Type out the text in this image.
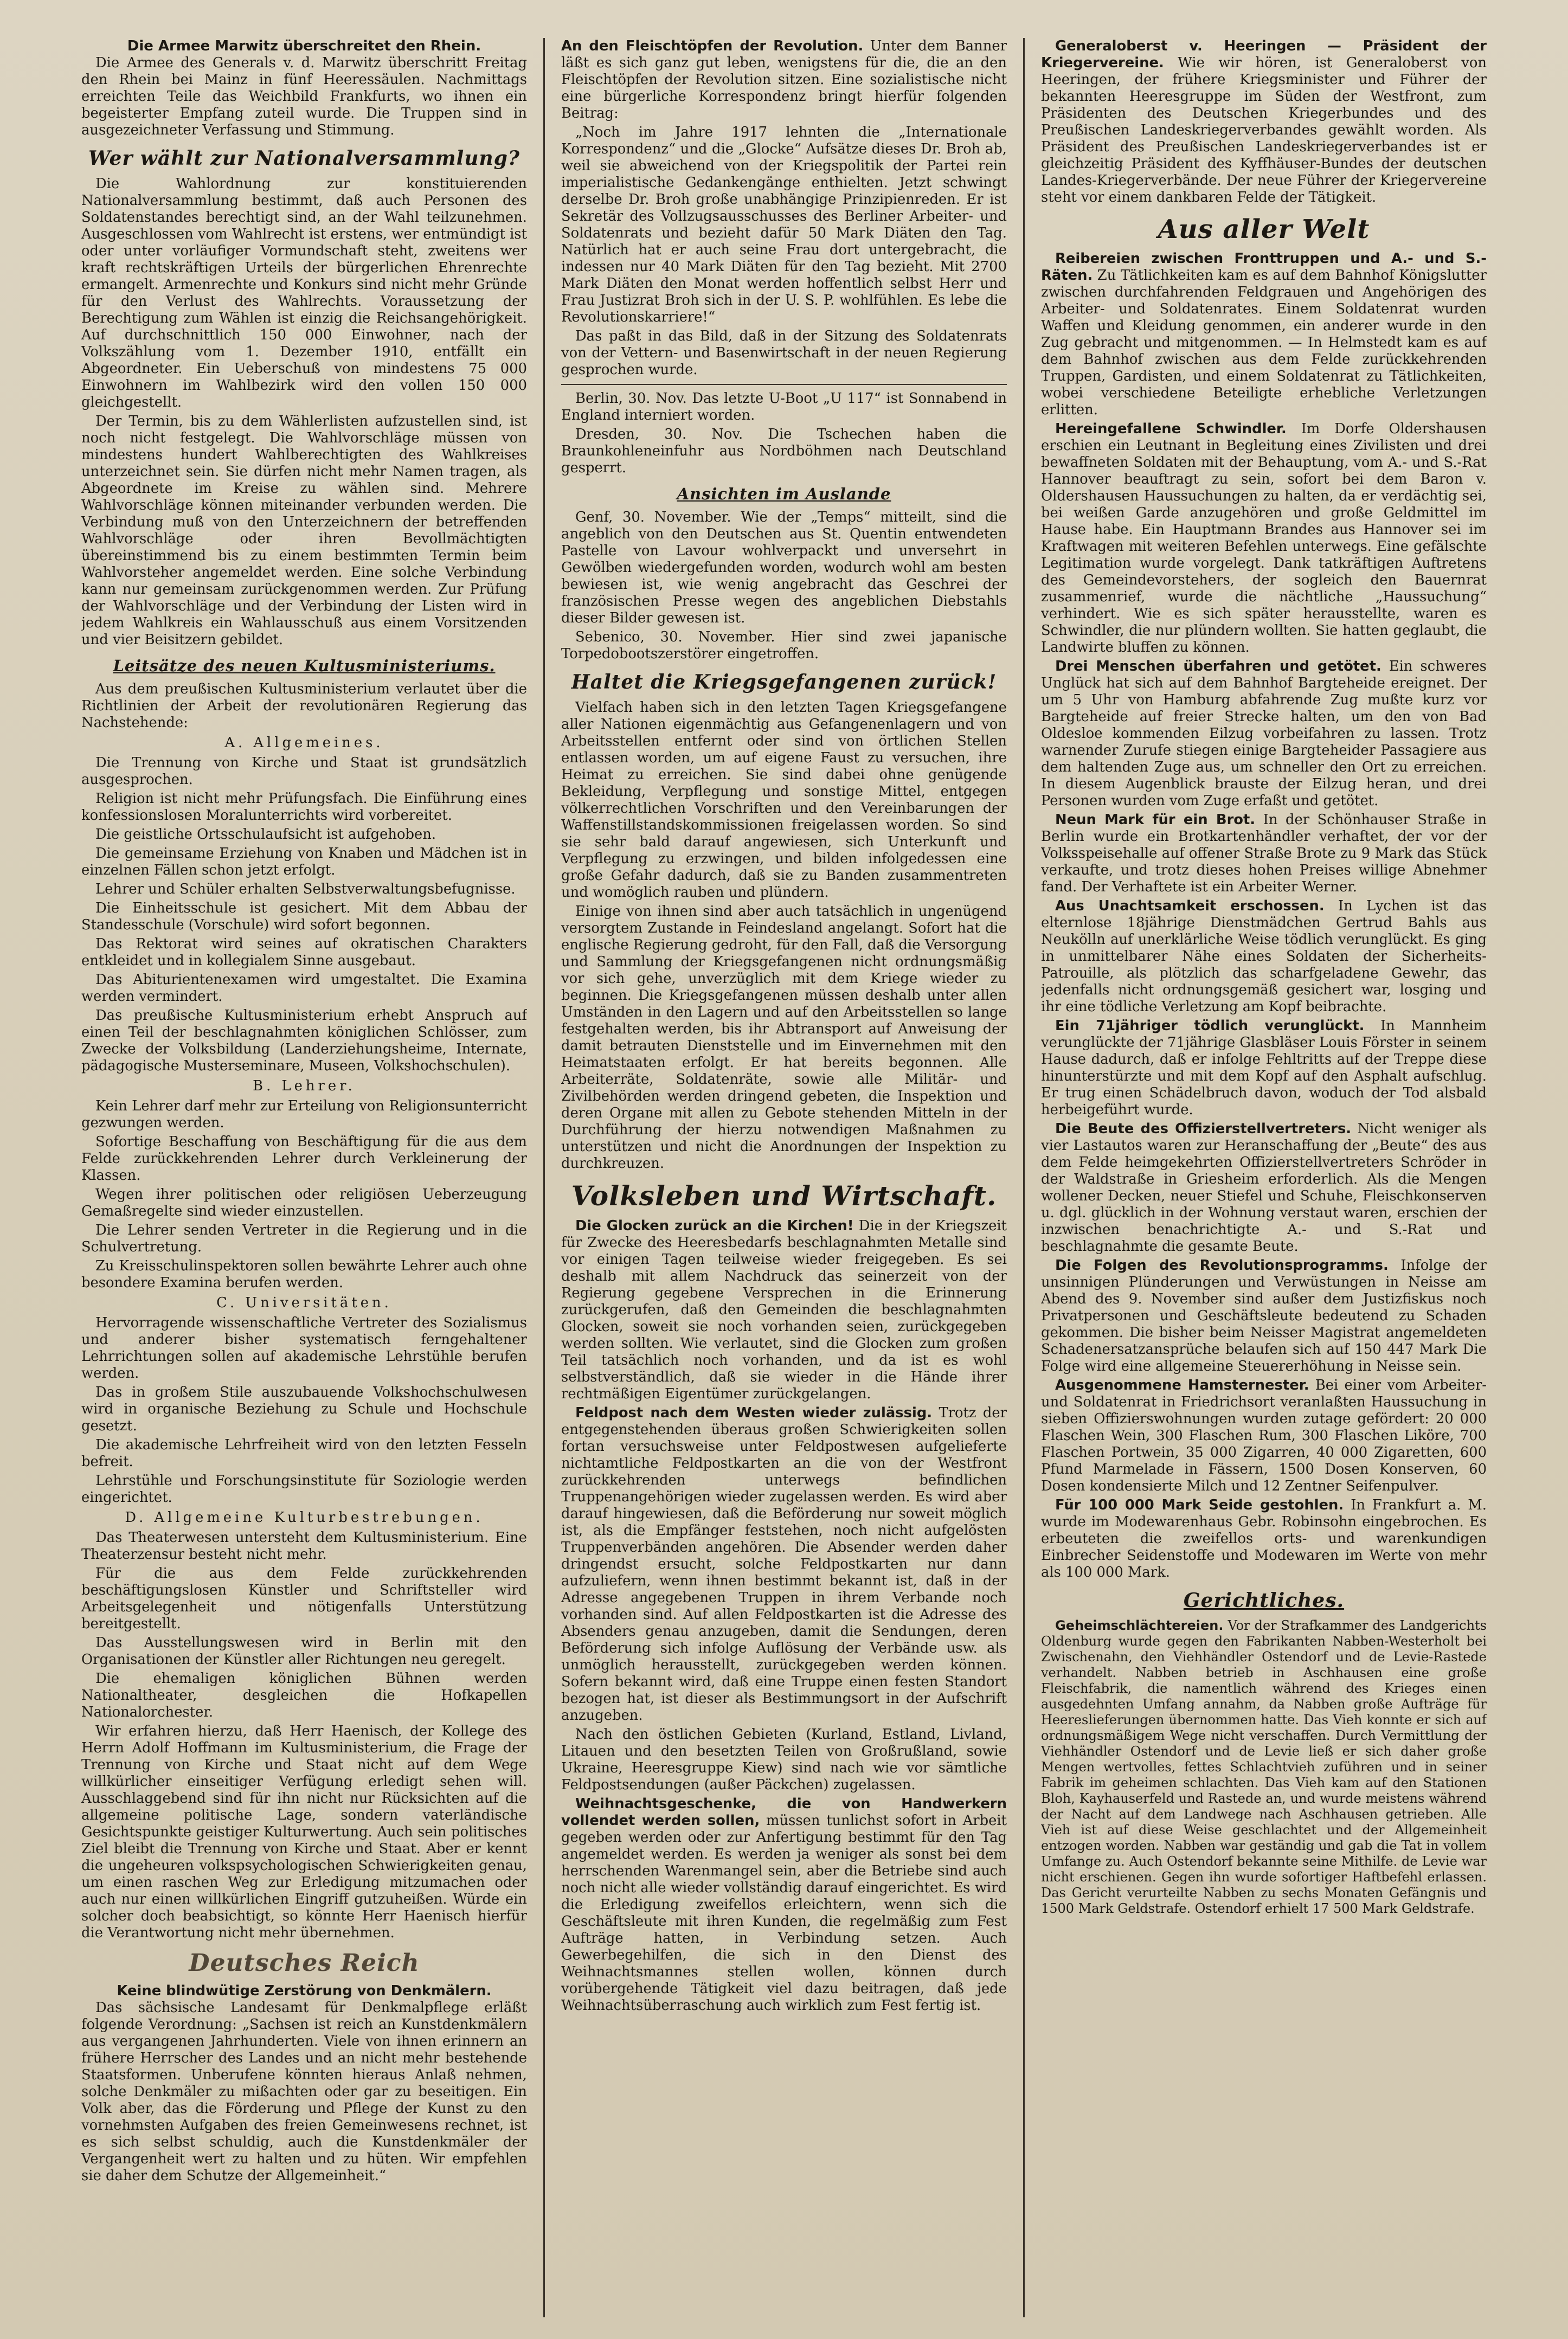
Die Armee Marwitz überschreitet den Rhein.

Die Armee des Generals v. d. Marwitz überschritt Freitag den Rhein bei Mainz in fünf Heeressäulen. Nachmittags erreichten Teile das Weichbild Frankfurts, wo ihnen ein begeisterter Empfang zuteil wurde. Die Truppen sind in ausgezeichneter Verfassung und Stimmung.

Wer wählt zur Nationalversammlung?

Die Wahlordnung zur konstituierenden Nationalversammlung bestimmt, daß auch Personen des Soldatenstandes berechtigt sind, an der Wahl teilzunehmen. Ausgeschlossen vom Wahlrecht ist erstens, wer entmündigt ist oder unter vorläufiger Vormundschaft steht, zweitens wer kraft rechtskräftigen Urteils der bürgerlichen Ehrenrechte ermangelt. Armenrechte und Konkurs sind nicht mehr Gründe für den Verlust des Wahlrechts. Voraussetzung der Berechtigung zum Wählen ist einzig die Reichsangehörigkeit. Auf durchschnittlich 150 000 Einwohner, nach der Volkszählung vom 1. Dezember 1910, entfällt ein Abgeordneter. Ein Ueberschuß von mindestens 75 000 Einwohnern im Wahlbezirk wird den vollen 150 000 gleichgestellt.

Der Termin, bis zu dem Wählerlisten aufzustellen sind, ist noch nicht festgelegt. Die Wahlvorschläge müssen von mindestens hundert Wahlberechtigten des Wahlkreises unterzeichnet sein. Sie dürfen nicht mehr Namen tragen, als Abgeordnete im Kreise zu wählen sind. Mehrere Wahlvorschläge können miteinander verbunden werden. Die Verbindung muß von den Unterzeichnern der betreffenden Wahlvorschläge oder ihren Bevollmächtigten übereinstimmend bis zu einem bestimmten Termin beim Wahlvorsteher angemeldet werden. Eine solche Verbindung kann nur gemeinsam zurückgenommen werden. Zur Prüfung der Wahlvorschläge und der Verbindung der Listen wird in jedem Wahlkreis ein Wahlausschuß aus einem Vorsitzenden und vier Beisitzern gebildet.

Leitsätze des neuen Kultusministeriums.

Aus dem preußischen Kultusministerium verlautet über die Richtlinien der Arbeit der revolutionären Regierung das Nachstehende:

A. Allgemeines.

Die Trennung von Kirche und Staat ist grundsätzlich ausgesprochen.

Religion ist nicht mehr Prüfungsfach. Die Einführung eines konfessionslosen Moralunterrichts wird vorbereitet.

Die geistliche Ortsschulaufsicht ist aufgehoben.

Die gemeinsame Erziehung von Knaben und Mädchen ist in einzelnen Fällen schon jetzt erfolgt.

Lehrer und Schüler erhalten Selbstverwaltungsbefugnisse.

Die Einheitsschule ist gesichert. Mit dem Abbau der Standesschule (Vorschule) wird sofort begonnen.

Das Rektorat wird seines auf okratischen Charakters entkleidet und in kollegialem Sinne ausgebaut.

Das Abiturientenexamen wird umgestaltet. Die Examina werden vermindert.

Das preußische Kultusministerium erhebt Anspruch auf einen Teil der beschlagnahmten königlichen Schlösser, zum Zwecke der Volksbildung (Landerziehungsheime, Internate, pädagogische Musterseminare, Museen, Volkshochschulen).

B. Lehrer.

Kein Lehrer darf mehr zur Erteilung von Religionsunterricht gezwungen werden.

Sofortige Beschaffung von Beschäftigung für die aus dem Felde zurückkehrenden Lehrer durch Verkleinerung der Klassen.

Wegen ihrer politischen oder religiösen Ueberzeugung Gemaßregelte sind wieder einzustellen.

Die Lehrer senden Vertreter in die Regierung und in die Schulvertretung.

Zu Kreisschulinspektoren sollen bewährte Lehrer auch ohne besondere Examina berufen werden.

C. Universitäten.

Hervorragende wissenschaftliche Vertreter des Sozialismus und anderer bisher systematisch ferngehaltener Lehrrichtungen sollen auf akademische Lehrstühle berufen werden.

Das in großem Stile auszubauende Volkshochschulwesen wird in organische Beziehung zu Schule und Hochschule gesetzt.

Die akademische Lehrfreiheit wird von den letzten Fesseln befreit.

Lehrstühle und Forschungsinstitute für Soziologie werden eingerichtet.

D. Allgemeine Kulturbestrebungen.

Das Theaterwesen untersteht dem Kultusministerium. Eine Theaterzensur besteht nicht mehr.

Für die aus dem Felde zurückkehrenden beschäftigungslosen Künstler und Schriftsteller wird Arbeitsgelegenheit und nötigenfalls Unterstützung bereitgestellt.

Das Ausstellungswesen wird in Berlin mit den Organisationen der Künstler aller Richtungen neu geregelt.

Die ehemaligen königlichen Bühnen werden Nationaltheater, desgleichen die Hofkapellen Nationalorchester.

Wir erfahren hierzu, daß Herr Haenisch, der Kollege des Herrn Adolf Hoffmann im Kultusministerium, die Frage der Trennung von Kirche und Staat nicht auf dem Wege willkürlicher einseitiger Verfügung erledigt sehen will. Ausschlaggebend sind für ihn nicht nur Rücksichten auf die allgemeine politische Lage, sondern vaterländische Gesichtspunkte geistiger Kulturwertung. Auch sein politisches Ziel bleibt die Trennung von Kirche und Staat. Aber er kennt die ungeheuren volkspsychologischen Schwierigkeiten genau, um einen raschen Weg zur Erledigung mitzumachen oder auch nur einen willkürlichen Eingriff gutzuheißen. Würde ein solcher doch beabsichtigt, so könnte Herr Haenisch hierfür die Verantwortung nicht mehr übernehmen.

Deutsches Reich
Keine blindwütige Zerstörung von Denkmälern.

Das sächsische Landesamt für Denkmalpflege erläßt folgende Verordnung: „Sachsen ist reich an Kunstdenkmälern aus vergangenen Jahrhunderten. Viele von ihnen erinnern an frühere Herrscher des Landes und an nicht mehr bestehende Staatsformen. Unberufene könnten hieraus Anlaß nehmen, solche Denkmäler zu mißachten oder gar zu beseitigen. Ein Volk aber, das die Förderung und Pflege der Kunst zu den vornehmsten Aufgaben des freien Gemeinwesens rechnet, ist es sich selbst schuldig, auch die Kunstdenkmäler der Vergangenheit wert zu halten und zu hüten. Wir empfehlen sie daher dem Schutze der Allgemeinheit.“

An den Fleischtöpfen der Revolution. Unter dem Banner läßt es sich ganz gut leben, wenigstens für die, die an den Fleischtöpfen der Revolution sitzen. Eine sozialistische nicht eine bürgerliche Korrespondenz bringt hierfür folgenden Beitrag:

„Noch im Jahre 1917 lehnten die „Internationale Korrespondenz“ und die „Glocke“ Aufsätze dieses Dr. Broh ab, weil sie abweichend von der Kriegspolitik der Partei rein imperialistische Gedankengänge enthielten. Jetzt schwingt derselbe Dr. Broh große unabhängige Prinzipienreden. Er ist Sekretär des Vollzugsausschusses des Berliner Arbeiter- und Soldatenrats und bezieht dafür 50 Mark Diäten den Tag. Natürlich hat er auch seine Frau dort untergebracht, die indessen nur 40 Mark Diäten für den Tag bezieht. Mit 2700 Mark Diäten den Monat werden hoffentlich selbst Herr und Frau Justizrat Broh sich in der U. S. P. wohlfühlen. Es lebe die Revolutionskarriere!“

Das paßt in das Bild, daß in der Sitzung des Soldatenrats von der Vettern- und Basenwirtschaft in der neuen Regierung gesprochen wurde.

Berlin, 30. Nov. Das letzte U-Boot „U 117“ ist Sonnabend in England interniert worden.

Dresden, 30. Nov. Die Tschechen haben die Braunkohleneinfuhr aus Nordböhmen nach Deutschland gesperrt.

Ansichten im Auslande

Genf, 30. November. Wie der „Temps“ mitteilt, sind die angeblich von den Deutschen aus St. Quentin entwendeten Pastelle von Lavour wohlverpackt und unversehrt in Gewölben wiedergefunden worden, wodurch wohl am besten bewiesen ist, wie wenig angebracht das Geschrei der französischen Presse wegen des angeblichen Diebstahls dieser Bilder gewesen ist.

Sebenico, 30. November. Hier sind zwei japanische Torpedobootszerstörer eingetroffen.

Haltet die Kriegsgefangenen zurück!

Vielfach haben sich in den letzten Tagen Kriegsgefangene aller Nationen eigenmächtig aus Gefangenenlagern und von Arbeitsstellen entfernt oder sind von örtlichen Stellen entlassen worden, um auf eigene Faust zu versuchen, ihre Heimat zu erreichen. Sie sind dabei ohne genügende Bekleidung, Verpflegung und sonstige Mittel, entgegen völkerrechtlichen Vorschriften und den Vereinbarungen der Waffenstillstandskommissionen freigelassen worden. So sind sie sehr bald darauf angewiesen, sich Unterkunft und Verpflegung zu erzwingen, und bilden infolgedessen eine große Gefahr dadurch, daß sie zu Banden zusammentreten und womöglich rauben und plündern.

Einige von ihnen sind aber auch tatsächlich in ungenügend versorgtem Zustande in Feindesland angelangt. Sofort hat die englische Regierung gedroht, für den Fall, daß die Versorgung und Sammlung der Kriegsgefangenen nicht ordnungsmäßig vor sich gehe, unverzüglich mit dem Kriege wieder zu beginnen. Die Kriegsgefangenen müssen deshalb unter allen Umständen in den Lagern und auf den Arbeitsstellen so lange festgehalten werden, bis ihr Abtransport auf Anweisung der damit betrauten Dienststelle und im Einvernehmen mit den Heimatstaaten erfolgt. Er hat bereits begonnen. Alle Arbeiterräte, Soldatenräte, sowie alle Militär- und Zivilbehörden werden dringend gebeten, die Inspektion und deren Organe mit allen zu Gebote stehenden Mitteln in der Durchführung der hierzu notwendigen Maßnahmen zu unterstützen und nicht die Anordnungen der Inspektion zu durchkreuzen.

Volksleben und Wirtschaft.

Die Glocken zurück an die Kirchen! Die in der Kriegszeit für Zwecke des Heeresbedarfs beschlagnahmten Metalle sind vor einigen Tagen teilweise wieder freigegeben. Es sei deshalb mit allem Nachdruck das seinerzeit von der Regierung gegebene Versprechen in die Erinnerung zurückgerufen, daß den Gemeinden die beschlagnahmten Glocken, soweit sie noch vorhanden seien, zurückgegeben werden sollten. Wie verlautet, sind die Glocken zum großen Teil tatsächlich noch vorhanden, und da ist es wohl selbstverständlich, daß sie wieder in die Hände ihrer rechtmäßigen Eigentümer zurückgelangen.

Feldpost nach dem Westen wieder zulässig. Trotz der entgegenstehenden überaus großen Schwierigkeiten sollen fortan versuchsweise unter Feldpostwesen aufgelieferte nichtamtliche Feldpostkarten an die von der Westfront zurückkehrenden unterwegs befindlichen Truppenangehörigen wieder zugelassen werden. Es wird aber darauf hingewiesen, daß die Beförderung nur soweit möglich ist, als die Empfänger feststehen, noch nicht aufgelösten Truppenverbänden angehören. Die Absender werden daher dringendst ersucht, solche Feldpostkarten nur dann aufzuliefern, wenn ihnen bestimmt bekannt ist, daß in der Adresse angegebenen Truppen in ihrem Verbande noch vorhanden sind. Auf allen Feldpostkarten ist die Adresse des Absenders genau anzugeben, damit die Sendungen, deren Beförderung sich infolge Auflösung der Verbände usw. als unmöglich herausstellt, zurückgegeben werden können. Sofern bekannt wird, daß eine Truppe einen festen Standort bezogen hat, ist dieser als Bestimmungsort in der Aufschrift anzugeben.

Nach den östlichen Gebieten (Kurland, Estland, Livland, Litauen und den besetzten Teilen von Großrußland, sowie Ukraine, Heeresgruppe Kiew) sind nach wie vor sämtliche Feldpostsendungen (außer Päckchen) zugelassen.

Weihnachtsgeschenke, die von Handwerkern vollendet werden sollen, müssen tunlichst sofort in Arbeit gegeben werden oder zur Anfertigung bestimmt für den Tag angemeldet werden. Es werden ja weniger als sonst bei dem herrschenden Warenmangel sein, aber die Betriebe sind auch noch nicht alle wieder vollständig darauf eingerichtet. Es wird die Erledigung zweifellos erleichtern, wenn sich die Geschäftsleute mit ihren Kunden, die regelmäßig zum Fest Aufträge hatten, in Verbindung setzen. Auch Gewerbegehilfen, die sich in den Dienst des Weihnachtsmannes stellen wollen, können durch vorübergehende Tätigkeit viel dazu beitragen, daß jede Weihnachtsüberraschung auch wirklich zum Fest fertig ist.

Generaloberst v. Heeringen — Präsident der Kriegervereine. Wie wir hören, ist Generaloberst von Heeringen, der frühere Kriegsminister und Führer der bekannten Heeresgruppe im Süden der Westfront, zum Präsidenten des Deutschen Kriegerbundes und des Preußischen Landeskriegerverbandes gewählt worden. Als Präsident des Preußischen Landeskriegerverbandes ist er gleichzeitig Präsident des Kyffhäuser-Bundes der deutschen Landes-Kriegerverbände. Der neue Führer der Kriegervereine steht vor einem dankbaren Felde der Tätigkeit.

Aus aller Welt

Reibereien zwischen Fronttruppen und A.- und S.-Räten. Zu Tätlichkeiten kam es auf dem Bahnhof Königslutter zwischen durchfahrenden Feldgrauen und Angehörigen des Arbeiter- und Soldatenrates. Einem Soldatenrat wurden Waffen und Kleidung genommen, ein anderer wurde in den Zug gebracht und mitgenommen. — In Helmstedt kam es auf dem Bahnhof zwischen aus dem Felde zurückkehrenden Truppen, Gardisten, und einem Soldatenrat zu Tätlichkeiten, wobei verschiedene Beteiligte erhebliche Verletzungen erlitten.

Hereingefallene Schwindler. Im Dorfe Oldershausen erschien ein Leutnant in Begleitung eines Zivilisten und drei bewaffneten Soldaten mit der Behauptung, vom A.- und S.-Rat Hannover beauftragt zu sein, sofort bei dem Baron v. Oldershausen Haussuchungen zu halten, da er verdächtig sei, bei weißen Garde anzugehören und große Geldmittel im Hause habe. Ein Hauptmann Brandes aus Hannover sei im Kraftwagen mit weiteren Befehlen unterwegs. Eine gefälschte Legitimation wurde vorgelegt. Dank tatkräftigen Auftretens des Gemeindevorstehers, der sogleich den Bauernrat zusammenrief, wurde die nächtliche „Haussuchung“ verhindert. Wie es sich später herausstellte, waren es Schwindler, die nur plündern wollten. Sie hatten geglaubt, die Landwirte bluffen zu können.

Drei Menschen überfahren und getötet. Ein schweres Unglück hat sich auf dem Bahnhof Bargteheide ereignet. Der um 5 Uhr von Hamburg abfahrende Zug mußte kurz vor Bargteheide auf freier Strecke halten, um den von Bad Oldesloe kommenden Eilzug vorbeifahren zu lassen. Trotz warnender Zurufe stiegen einige Bargteheider Passagiere aus dem haltenden Zuge aus, um schneller den Ort zu erreichen. In diesem Augenblick brauste der Eilzug heran, und drei Personen wurden vom Zuge erfaßt und getötet.

Neun Mark für ein Brot. In der Schönhauser Straße in Berlin wurde ein Brotkartenhändler verhaftet, der vor der Volksspeisehalle auf offener Straße Brote zu 9 Mark das Stück verkaufte, und trotz dieses hohen Preises willige Abnehmer fand. Der Verhaftete ist ein Arbeiter Werner.

Aus Unachtsamkeit erschossen. In Lychen ist das elternlose 18jährige Dienstmädchen Gertrud Bahls aus Neukölln auf unerklärliche Weise tödlich verunglückt. Es ging in unmittelbarer Nähe eines Soldaten der Sicherheits-Patrouille, als plötzlich das scharfgeladene Gewehr, das jedenfalls nicht ordnungsgemäß gesichert war, losging und ihr eine tödliche Verletzung am Kopf beibrachte.

Ein 71jähriger tödlich verunglückt. In Mannheim verunglückte der 71jährige Glasbläser Louis Förster in seinem Hause dadurch, daß er infolge Fehltritts auf der Treppe diese hinunterstürzte und mit dem Kopf auf den Asphalt aufschlug. Er trug einen Schädelbruch davon, woduch der Tod alsbald herbeigeführt wurde.

Die Beute des Offizierstellvertreters. Nicht weniger als vier Lastautos waren zur Heranschaffung der „Beute“ des aus dem Felde heimgekehrten Offizierstellvertreters Schröder in der Waldstraße in Griesheim erforderlich. Als die Mengen wollener Decken, neuer Stiefel und Schuhe, Fleischkonserven u. dgl. glücklich in der Wohnung verstaut waren, erschien der inzwischen benachrichtigte A.- und S.-Rat und beschlagnahmte die gesamte Beute.

Die Folgen des Revolutionsprogramms. Infolge der unsinnigen Plünderungen und Verwüstungen in Neisse am Abend des 9. November sind außer dem Justizfiskus noch Privatpersonen und Geschäftsleute bedeutend zu Schaden gekommen. Die bisher beim Neisser Magistrat angemeldeten Schadenersatzansprüche belaufen sich auf 150 447 Mark Die Folge wird eine allgemeine Steuererhöhung in Neisse sein.

Ausgenommene Hamsternester. Bei einer vom Arbeiter- und Soldatenrat in Friedrichsort veranlaßten Haussuchung in sieben Offizierswohnungen wurden zutage gefördert: 20 000 Flaschen Wein, 300 Flaschen Rum, 300 Flaschen Liköre, 700 Flaschen Portwein, 35 000 Zigarren, 40 000 Zigaretten, 600 Pfund Marmelade in Fässern, 1500 Dosen Konserven, 60 Dosen kondensierte Milch und 12 Zentner Seifenpulver.

Für 100 000 Mark Seide gestohlen. In Frankfurt a. M. wurde im Modewarenhaus Gebr. Robinsohn eingebrochen. Es erbeuteten die zweifellos orts- und warenkundigen Einbrecher Seidenstoffe und Modewaren im Werte von mehr als 100 000 Mark.

Gerichtliches.

Geheimschlächtereien. Vor der Strafkammer des Landgerichts Oldenburg wurde gegen den Fabrikanten Nabben-Westerholt bei Zwischenahn, den Viehhändler Ostendorf und de Levie-Rastede verhandelt. Nabben betrieb in Aschhausen eine große Fleischfabrik, die namentlich während des Krieges einen ausgedehnten Umfang annahm, da Nabben große Aufträge für Heereslieferungen übernommen hatte. Das Vieh konnte er sich auf ordnungsmäßigem Wege nicht verschaffen. Durch Vermittlung der Viehhändler Ostendorf und de Levie ließ er sich daher große Mengen wertvolles, fettes Schlachtvieh zuführen und in seiner Fabrik im geheimen schlachten. Das Vieh kam auf den Stationen Bloh, Kayhauserfeld und Rastede an, und wurde meistens während der Nacht auf dem Landwege nach Aschhausen getrieben. Alle Vieh ist auf diese Weise geschlachtet und der Allgemeinheit entzogen worden. Nabben war geständig und gab die Tat in vollem Umfange zu. Auch Ostendorf bekannte seine Mithilfe. de Levie war nicht erschienen. Gegen ihn wurde sofortiger Haftbefehl erlassen. Das Gericht verurteilte Nabben zu sechs Monaten Gefängnis und 1500 Mark Geldstrafe. Ostendorf erhielt 17 500 Mark Geldstrafe.
